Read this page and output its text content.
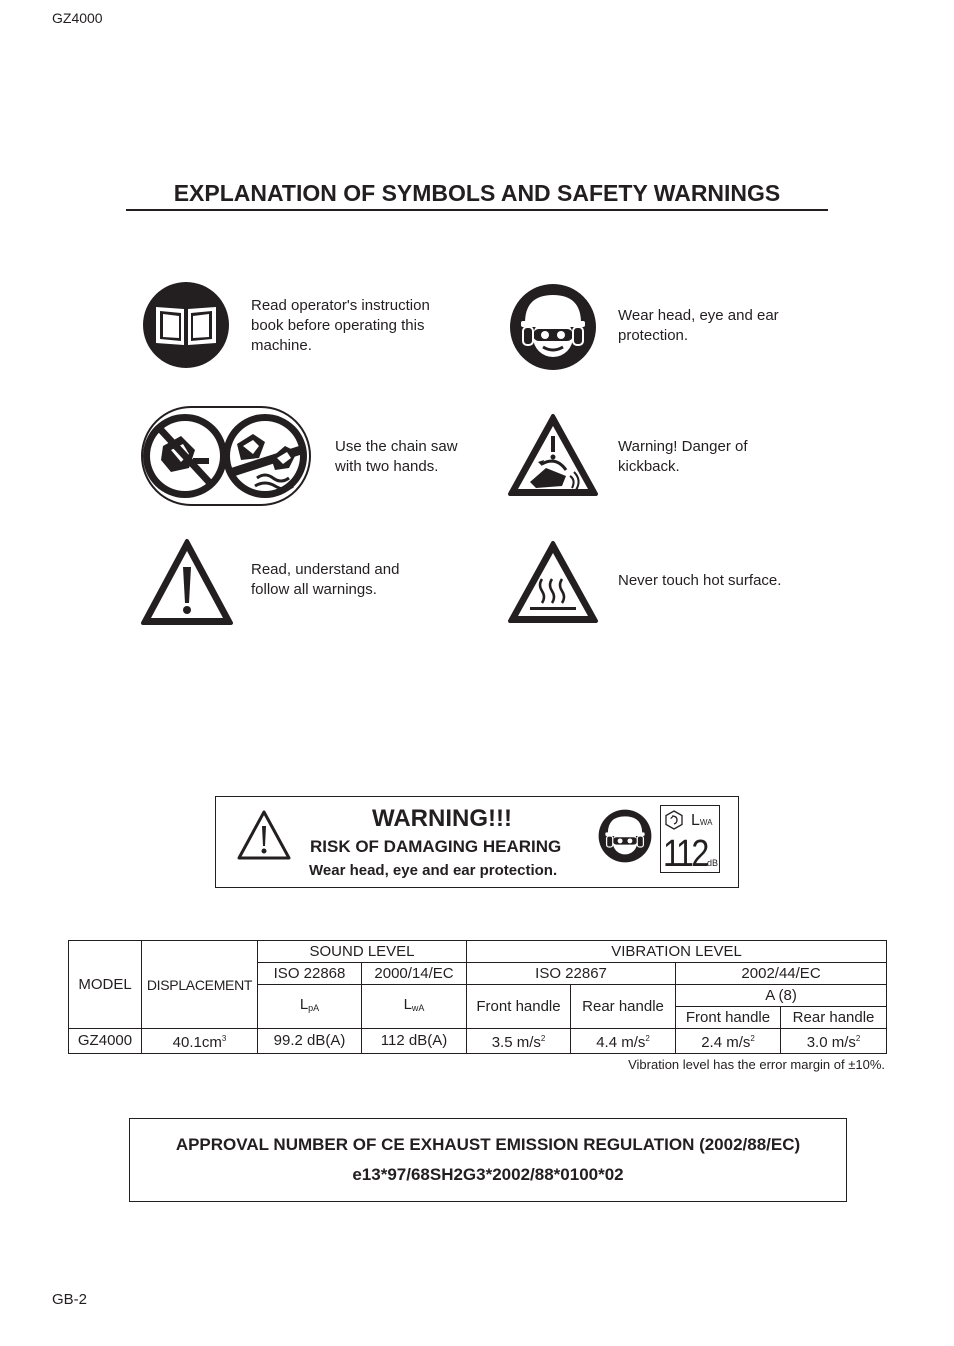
GZ4000
EXPLANATION OF SYMBOLS AND SAFETY WARNINGS
Read operator's instruction
book before operating this
machine.
Wear head, eye and ear
protection.
Use the chain saw
with two hands.
Warning! Danger of
kickback.
Read, understand and
follow all warnings.
Never touch hot surface.
WARNING!!!
RISK OF DAMAGING HEARING
Wear head, eye and ear protection.
LWA
112 dB
MODEL	DISPLACEMENT	SOUND LEVEL		VIBRATION LEVEL			
		ISO 22868	2000/14/EC	ISO 22867		2002/44/EC	
		$L_{pA}$	$L_{wA}$	Front handle	Rear handle	A (8)	
						Front handle	Rear handle
GZ4000	$40.1cm^3$	99.2 dB(A)	112 dB(A)	3.5 $m/s^2$	4.4 $m/s^2$	2.4 $m/s^2$	3.0 $m/s^2$
Vibration level has the error margin of ±10%.
APPROVAL NUMBER OF CE EXHAUST EMISSION REGULATION (2002/88/EC)
e13*97/68SH2G3*2002/88*0100*02
GB-2
